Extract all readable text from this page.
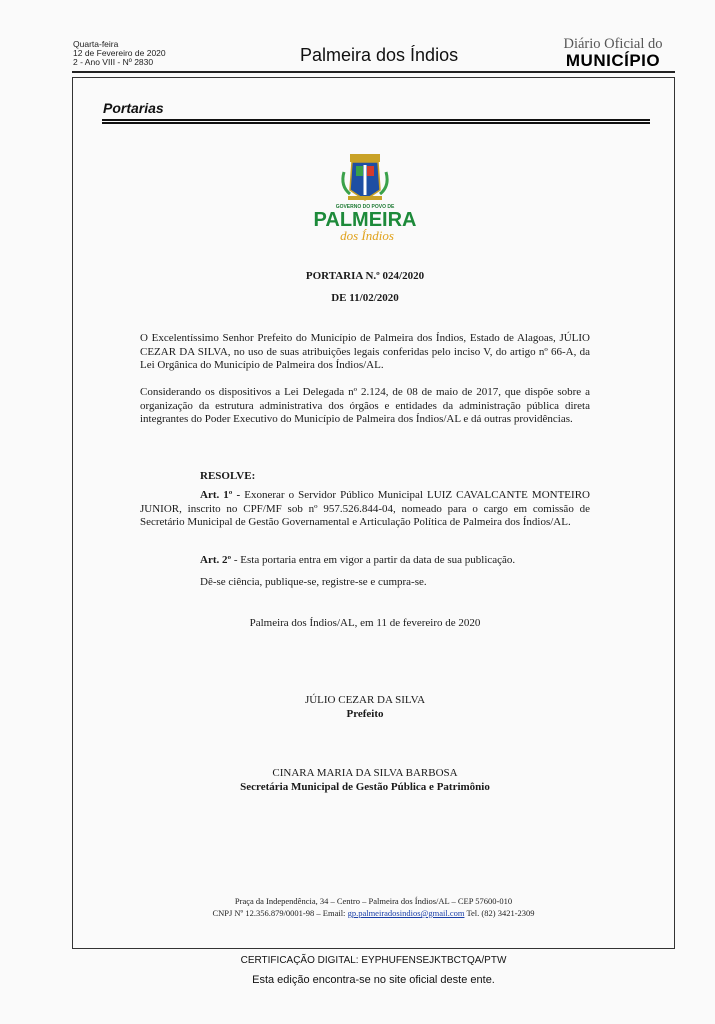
Quarta-feira
12 de Fevereiro de 2020
2 - Ano VIII - Nº 2830	Palmeira dos Índios
Diário Oficial do
MUNICÍPIO
Portarias
GOVERNO DO POVO DE
PALMEIRA
dos Índios
PORTARIA N.º 024/2020
DE 11/02/2020
O Excelentíssimo Senhor Prefeito do Município de Palmeira dos Índios, Estado de Alagoas, JÚLIO CEZAR DA SILVA, no uso de suas atribuições legais conferidas pelo inciso V, do artigo nº 66-A, da Lei Orgânica do Município de Palmeira dos Índios/AL.
Considerando os dispositivos a Lei Delegada nº 2.124, de 08 de maio de 2017, que dispõe sobre a organização da estrutura administrativa dos órgãos e entidades da administração pública direta integrantes do Poder Executivo do Município de Palmeira dos Índios/AL e dá outras providências.
RESOLVE:
Art. 1º - Exonerar o Servidor Público Municipal LUIZ CAVALCANTE MONTEIRO JUNIOR, inscrito no CPF/MF sob nº 957.526.844-04, nomeado para o cargo em comissão de Secretário Municipal de Gestão Governamental e Articulação Política de Palmeira dos Índios/AL.
Art. 2º - Esta portaria entra em vigor a partir da data de sua publicação.
Dê-se ciência, publique-se, registre-se e cumpra-se.
Palmeira dos Índios/AL, em 11 de fevereiro de 2020
JÚLIO CEZAR DA SILVA
Prefeito
CINARA MARIA DA SILVA BARBOSA
Secretária Municipal de Gestão Pública e Patrimônio
Praça da Independência, 34 – Centro – Palmeira dos Índios/AL – CEP 57600-010
CNPJ Nº 12.356.879/0001-98 – Email: gp.palmeiradosindios@gmail.com Tel. (82) 3421-2309
CERTIFICAÇÃO DIGITAL: EYPHUFENSEJKTBCTQA/PTW
Esta edição encontra-se no site oficial deste ente.
